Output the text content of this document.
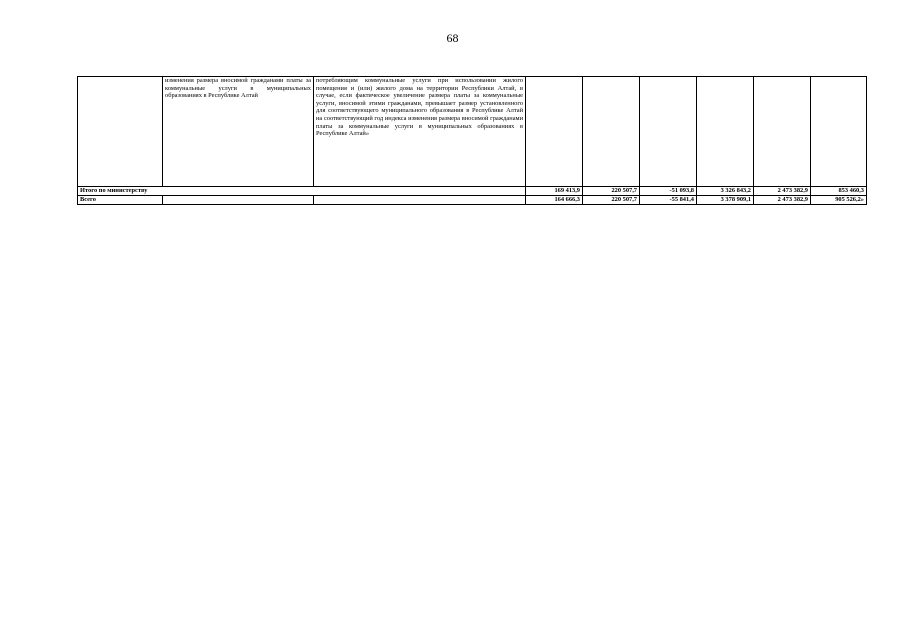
68
	изменения размера вносимой гражданами платы за коммунальные услуги в муниципальных образованиях в Республике Алтай	потребляющим коммунальные услуги при использовании жилого помещения и (или) жилого дома на территории Республики Алтай, в случае, если фактическое увеличение размера платы за коммунальные услуги, вносимой этими гражданами, превышает размер установленного для соответствующего муниципального образования в Республике Алтай на соответствующий год индекса изменения размера вносимой гражданами платы за коммунальные услуги в муниципальных образованиях в Республике Алтай»						
Итого по министерству			169 413,9	220 507,7	-51 093,8	3 326 843,2	2 473 382,9	853 460,3
Всего			164 666,3	220 507,7	-55 841,4	3 378 909,1	2 473 382,9	905 526,2»
